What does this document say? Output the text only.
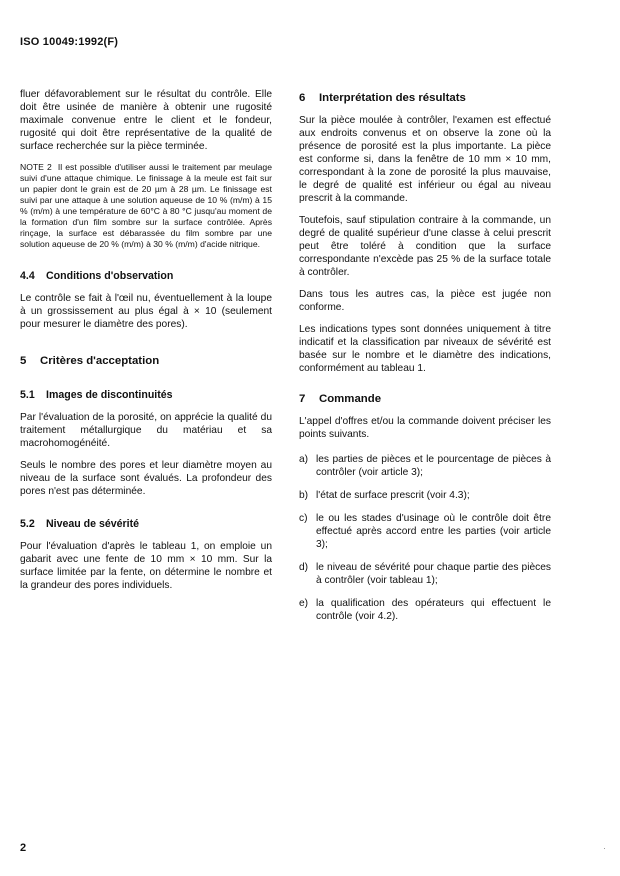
ISO 10049:1992(F)

fluer défavorablement sur le résultat du contrôle. Elle doit être usinée de manière à obtenir une rugosité maximale convenue entre le client et le fondeur, rugosité qui doit être représentative de la qualité de surface recherchée sur la pièce terminée.

NOTE 2 Il est possible d'utiliser aussi le traitement par meulage suivi d'une attaque chimique. Le finissage à la meule est fait sur un papier dont le grain est de 20 µm à 28 µm. Le finissage est suivi par une attaque à une solution aqueuse de 10 % (m/m) à 15 % (m/m) à une température de 60°C à 80 °C jusqu'au moment de la formation d'un film sombre sur la surface contrôlée. Après rinçage, la surface est débarassée du film sombre par une solution aqueuse de 20 % (m/m) à 30 % (m/m) d'acide nitrique.

4.4 Conditions d'observation

Le contrôle se fait à l'œil nu, éventuellement à la loupe à un grossissement au plus égal à × 10 (seulement pour mesurer le diamètre des pores).

5 Critères d'acceptation
5.1 Images de discontinuités

Par l'évaluation de la porosité, on apprécie la qualité du traitement métallurgique du matériau et sa macrohomogénéité.

Seuls le nombre des pores et leur diamètre moyen au niveau de la surface sont évalués. La profondeur des pores n'est pas déterminée.

5.2 Niveau de sévérité

Pour l'évaluation d'après le tableau 1, on emploie un gabarit avec une fente de 10 mm × 10 mm. Sur la surface limitée par la fente, on détermine le nombre et la grandeur des pores individuels.

6 Interprétation des résultats

Sur la pièce moulée à contrôler, l'examen est effectué aux endroits convenus et on observe la zone où la présence de porosité est la plus importante. La pièce est conforme si, dans la fenêtre de 10 mm × 10 mm, correspondant à la zone de porosité la plus mauvaise, le degré de qualité est inférieur ou égal au niveau prescrit à la commande.

Toutefois, sauf stipulation contraire à la commande, un degré de qualité supérieur d'une classe à celui prescrit peut être toléré à condition que la surface correspondante n'excède pas 25 % de la surface totale à contrôler.

Dans tous les autres cas, la pièce est jugée non conforme.

Les indications types sont données uniquement à titre indicatif et la classification par niveaux de sévérité est basée sur le nombre et le diamètre des indications, conformément au tableau 1.

7 Commande

L'appel d'offres et/ou la commande doivent préciser les points suivants.

a) les parties de pièces et le pourcentage de pièces à contrôler (voir article 3);
b) l'état de surface prescrit (voir 4.3);
c) le ou les stades d'usinage où le contrôle doit être effectué après accord entre les parties (voir article 3);
d) le niveau de sévérité pour chaque partie des pièces à contrôler (voir tableau 1);
e) la qualification des opérateurs qui effectuent le contrôle (voir 4.2).
2
